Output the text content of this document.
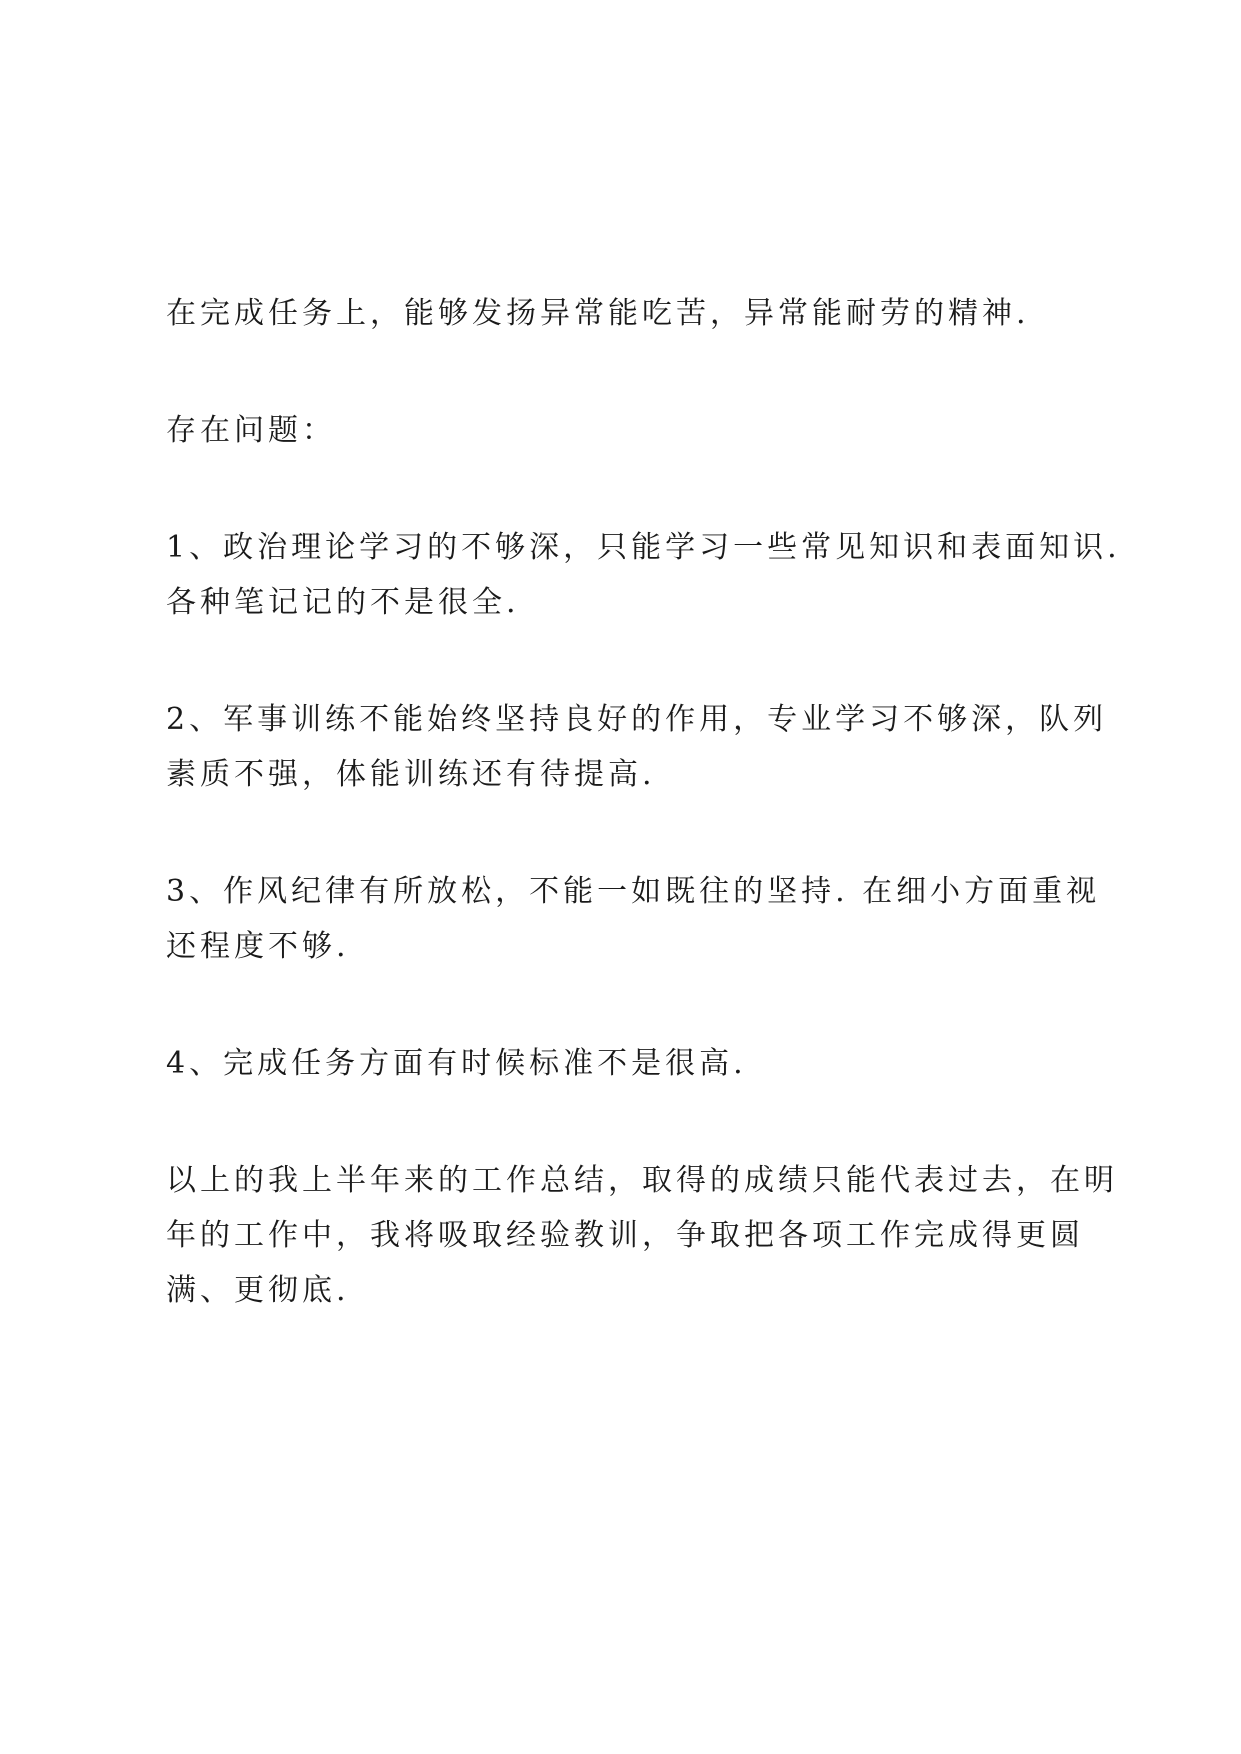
在完成任务上，能够发扬异常能吃苦，异常能耐劳的精神.

存在问题：

1、政治理论学习的不够深，只能学习一些常见知识和表面知识.
各种笔记记的不是很全.

2、军事训练不能始终坚持良好的作用，专业学习不够深，队列
素质不强，体能训练还有待提高.

3、作风纪律有所放松，不能一如既往的坚持. 在细小方面重视
还程度不够.

4、完成任务方面有时候标准不是很高.

以上的我上半年来的工作总结，取得的成绩只能代表过去，在明
年的工作中，我将吸取经验教训，争取把各项工作完成得更圆
满、更彻底.
